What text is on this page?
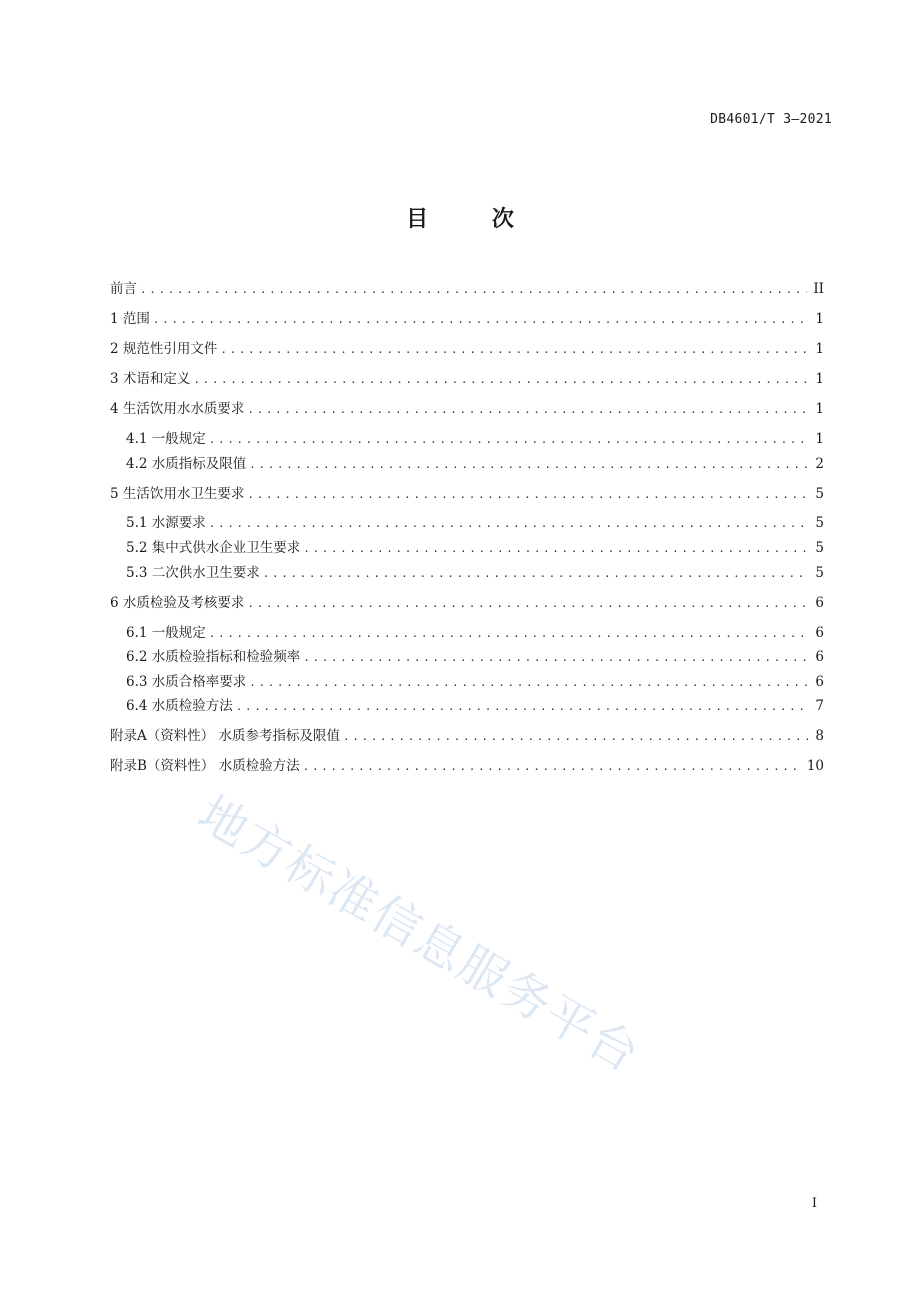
DB4601/T 3—2021
目 次
前言 .....	II
1 范围 .....	1
2 规范性引用文件 .....	1
3 术语和定义 .....	1
4 生活饮用水水质要求 .....	1
4.1 一般规定 .....	1
4.2 水质指标及限值 .....	2
5 生活饮用水卫生要求 .....	5
5.1 水源要求 .....	5
5.2 集中式供水企业卫生要求 .....	5
5.3 二次供水卫生要求 .....	5
6 水质检验及考核要求 .....	6
6.1 一般规定 .....	6
6.2 水质检验指标和检验频率 .....	6
6.3 水质合格率要求 .....	6
6.4 水质检验方法 .....	7
附录A（资料性） 水质参考指标及限值 .....	8
附录B（资料性） 水质检验方法 .....	10
I
地方标准信息服务平台
